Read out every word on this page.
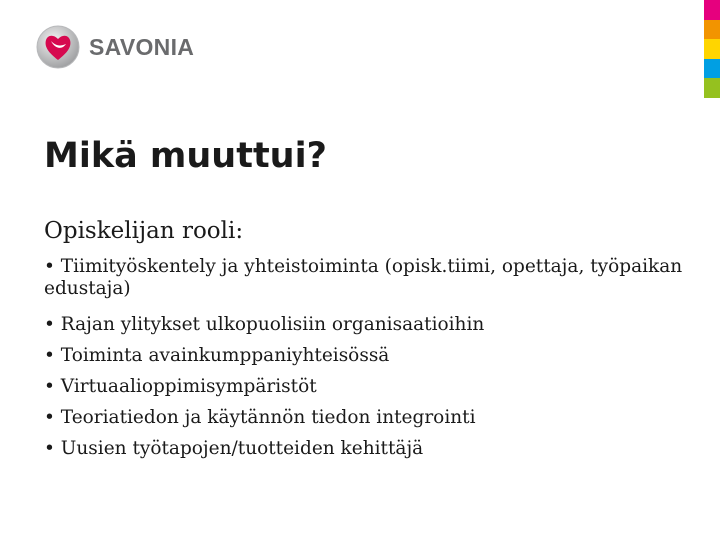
SAVONIA
Mikä muuttui?

Opiskelijan rooli:

• Tiimityöskentely ja yhteistoiminta (opisk.tiimi, opettaja, työpaikan edustaja)
• Rajan ylitykset ulkopuolisiin organisaatioihin
• Toiminta avainkumppaniyhteisössä
• Virtuaalioppimisympäristöt
• Teoriatiedon ja käytännön tiedon integrointi
• Uusien työtapojen/tuotteiden kehittäjä
